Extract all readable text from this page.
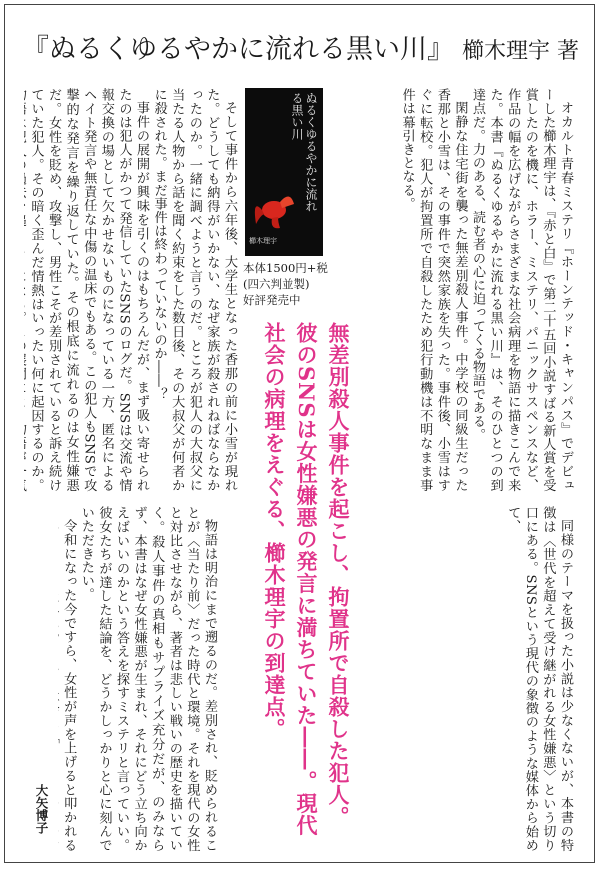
『ぬるくゆるやかに流れる黒い川』 櫛木理宇 著

オカルト青春ミステリ『ホーンテッド・キャンパス』でデビューした櫛木理宇は、『赤と白』で第二十五回小説すばる新人賞を受賞したのを機に、ホラー、ミステリ、パニックサスペンスなど、作品の幅を広げながらさまざまな社会病理を物語に描きこんで来た。本書『ぬるくゆるやかに流れる黒い川』は、そのひとつの到達点だ。力のある、読む者の心に迫ってくる物語である。

閑静な住宅街を襲った無差別殺人事件。中学校の同級生だった香那と小雪は、その事件で突然家族を失った。事件後、小雪はすぐに転校。犯人が拘置所で自殺したため犯行動機は不明なまま事件は幕引きとなる。

そして事件から六年後、大学生となった香那の前に小雪が現れた。どうしても納得がいかない、なぜ家族が殺されねばならなかったのか。一緒に調べようと言うのだ。ところが犯人の大叔父に当たる人物から話を聞く約束をした数日後、その大叔父が何者かに殺された。まだ事件は終わっていないのか――？

事件の展開が興味を引くのはもちろんだが、まず吸い寄せられたのは犯人がかつて発信していたSNSのログだ。SNSは交流や情報交換の場として欠かせないものになっている一方、匿名によるヘイト発言や無責任な中傷の温床でもある。この犯人もSNSで攻撃的な発言を繰り返していた。その根底に流れるのは女性嫌悪だ。女性を貶め、攻撃し、男性こそが差別されていると訴え続けていた犯人。その暗く歪んだ情熱はいったい何に起因するのか。

同様のテーマを扱った小説は少なくないが、本書の特徴は〈世代を超えて受け継がれる女性嫌悪〉という切り口にある。SNSという現代の象徴のような媒体から始めて、

物語は明治にまで遡るのだ。差別され、貶められることが〈当たり前〉だった時代と環境。それを現代の女性と対比させながら、著者は悲しい戦いの歴史を描いていく。殺人事件の真相もサプライズ充分だが、のみならず、本書はなぜ女性嫌悪が生まれ、それにどう立ち向かえばいいのかという答えを探すミステリと言っていい。彼女たちが達した結論を、どうかしっかりと心に刻んでいただきたい。

令和になった今ですら、女性が声を上げると叩かれる

ぬるくゆるやかに流れる黒い川
櫛木理宇
本体1500円+税
(四六判並製)
好評発売中
無差別殺人事件を起こし、拘置所で自殺した犯人。彼のSNSは女性嫌悪の発言に満ちていた――。現代社会の病理をえぐる、櫛木理宇の到達点。
大矢博子
